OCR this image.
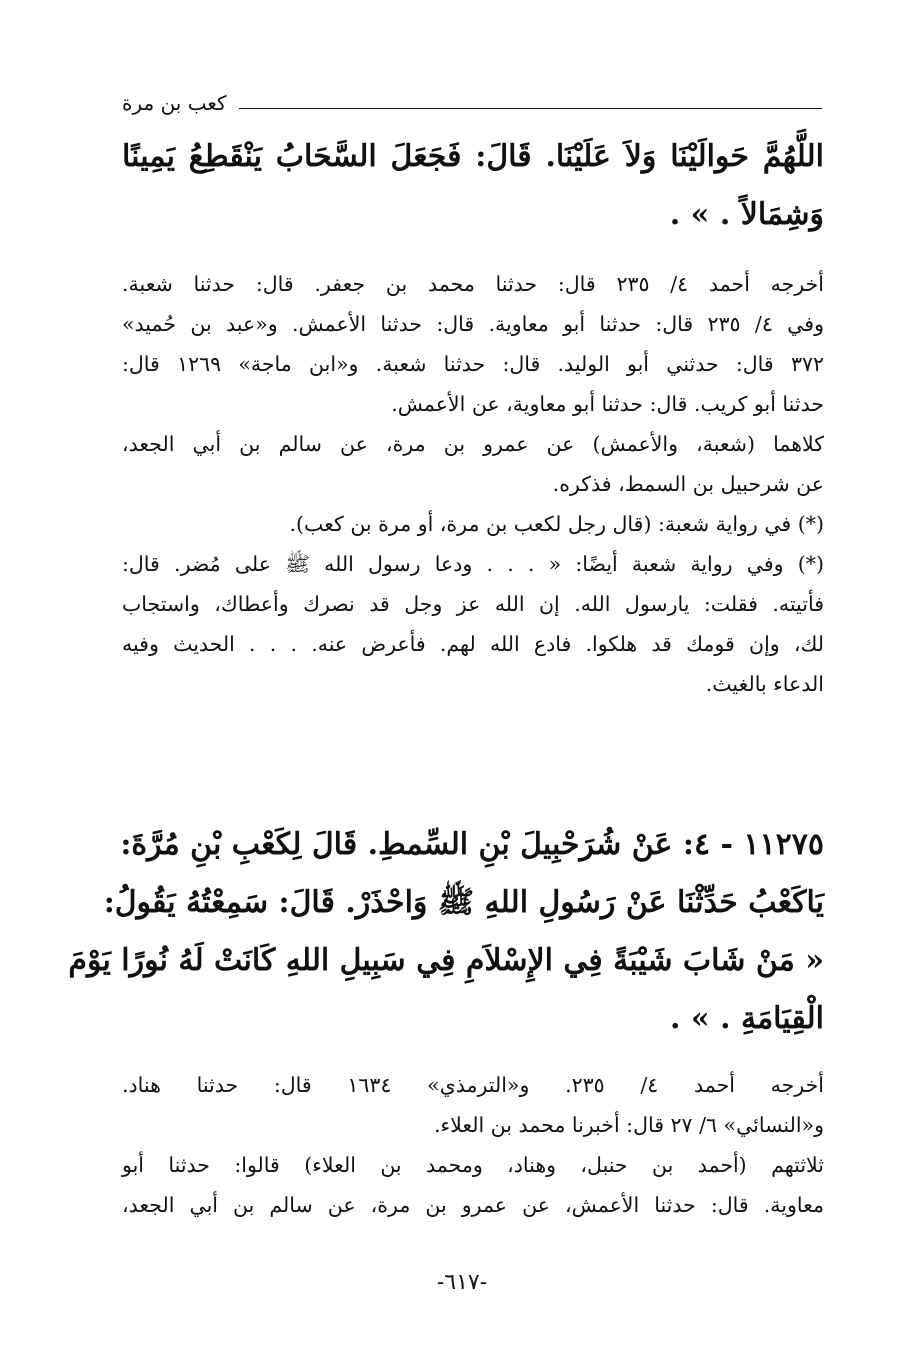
كعب بن مرة
اللَّهُمَّ حَوالَيْنَا وَلاَ عَلَيْنَا. قَالَ: فَجَعَلَ السَّحَابُ يَنْقَطِعُ يَمِينًا
وَشِمَالاً . » .
أخرجه أحمد ٤/ ٢٣٥ قال: حدثنا محمد بن جعفر. قال: حدثنا شعبة.
وفي ٤/ ٢٣٥ قال: حدثنا أبو معاوية. قال: حدثنا الأعمش. و«عبد بن حُميد»
٣٧٢ قال: حدثني أبو الوليد. قال: حدثنا شعبة. و«ابن ماجة» ١٢٦٩ قال:
حدثنا أبو كريب. قال: حدثنا أبو معاوية، عن الأعمش.
كلاهما (شعبة، والأعمش) عن عمرو بن مرة، عن سالم بن أبي الجعد،
عن شرحبيل بن السمط، فذكره.
(*) في رواية شعبة: (قال رجل لكعب بن مرة، أو مرة بن كعب).
(*) وفي رواية شعبة أيضًا: « . . . ودعا رسول الله ﷺ على مُضر. قال:
فأتيته. فقلت: يارسول الله. إن الله عز وجل قد نصرك وأعطاك، واستجاب
لك، وإن قومك قد هلكوا. فادع الله لهم. فأعرض عنه. . . . الحديث وفيه
الدعاء بالغيث.
١١٢٧٥ - ٤: عَنْ شُرَحْبِيلَ بْنِ السِّمطِ. قَالَ لِكَعْبِ بْنِ مُرَّةَ:
يَاكَعْبُ حَدِّثْنَا عَنْ رَسُولِ اللهِ ﷺ وَاحْذَرْ. قَالَ: سَمِعْتُهُ يَقُولُ:
« مَنْ شَابَ شَيْبَةً فِي الإِسْلاَمِ فِي سَبِيلِ اللهِ كَانَتْ لَهُ نُورًا يَوْمَ
الْقِيَامَةِ . » .
أخرجه أحمد ٤/ ٢٣٥. و«الترمذي» ١٦٣٤ قال: حدثنا هناد.
و«النسائي» ٦/ ٢٧ قال: أخبرنا محمد بن العلاء.
ثلاثتهم (أحمد بن حنبل، وهناد، ومحمد بن العلاء) قالوا: حدثنا أبو
معاوية. قال: حدثنا الأعمش، عن عمرو بن مرة، عن سالم بن أبي الجعد،
-٦١٧-
